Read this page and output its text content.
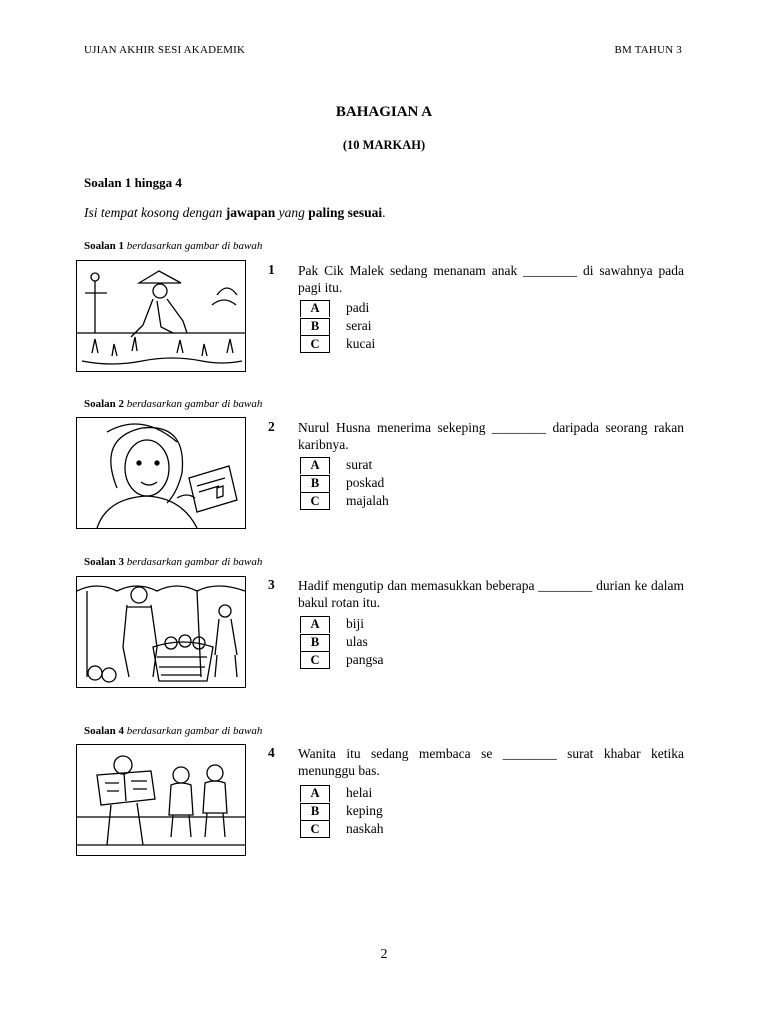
UJIAN AKHIR SESI AKADEMIK	BM TAHUN 3
BAHAGIAN A
(10 MARKAH)
Soalan 1 hingga 4
Isi tempat kosong dengan jawapan yang paling sesuai.
Soalan 1 berdasarkan gambar di bawah
1 Pak Cik Malek sedang menanam anak ________ di sawahnya pada pagi itu.
A	padi
B	serai
C	kucai
Soalan 2 berdasarkan gambar di bawah
2 Nurul Husna menerima sekeping ________ daripada seorang rakan karibnya.
A	surat
B	poskad
C	majalah
Soalan 3 berdasarkan gambar di bawah
3 Hadif mengutip dan memasukkan beberapa ________ durian ke dalam bakul rotan itu.
A	biji
B	ulas
C	pangsa
Soalan 4 berdasarkan gambar di bawah
4 Wanita itu sedang membaca se ________ surat khabar ketika menunggu bas.
A	helai
B	keping
C	naskah
2
